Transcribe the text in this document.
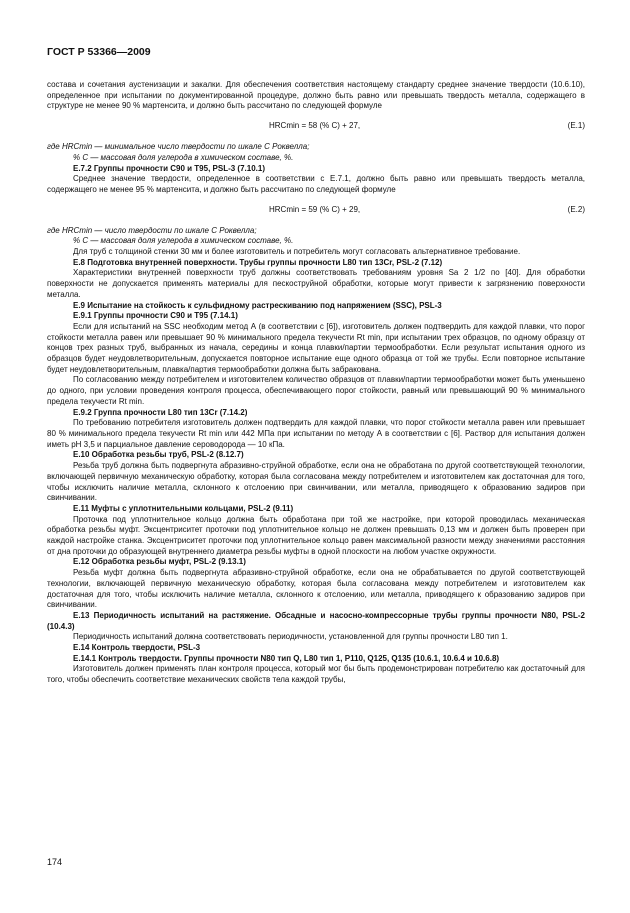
ГОСТ Р 53366—2009

состава и сочетания аустенизации и закалки. Для обеспечения соответствия настоящему стандарту среднее значение твердости (10.6.10), определенное при испытании по документированной процедуре, должно быть равно или превышать твердость металла, содержащего в структуре не менее 90 % мартенсита, и должно быть рассчитано по следующей формуле

HRCmin = 58 (% C) + 27,	(E.1)

где HRCmin — минимальное число твердости по шкале С Роквелла;

% С — массовая доля углерода в химическом составе, %.

Е.7.2 Группы прочности С90 и Т95, PSL-3 (7.10.1)

Среднее значение твердости, определенное в соответствии с Е.7.1, должно быть равно или превышать твердость металла, содержащего не менее 95 % мартенсита, и должно быть рассчитано по следующей формуле

HRCmin = 59 (% C) + 29,	(E.2)

где HRCmin — число твердости по шкале С Роквелла;

% С — массовая доля углерода в химическом составе, %.

Для труб с толщиной стенки 30 мм и более изготовитель и потребитель могут согласовать альтернативное требование.

Е.8 Подготовка внутренней поверхности. Трубы группы прочности L80 тип 13Cr, PSL-2 (7.12)

Характеристики внутренней поверхности труб должны соответствовать требованиям уровня Sa 2 1/2 по [40]. Для обработки поверхности не допускается применять материалы для пескоструйной обработки, которые могут привести к загрязнению поверхности металла.

Е.9 Испытание на стойкость к сульфидному растрескиванию под напряжением (SSC), PSL-3

Е.9.1 Группы прочности С90 и Т95 (7.14.1)

Если для испытаний на SSC необходим метод А (в соответствии с [6]), изготовитель должен подтвердить для каждой плавки, что порог стойкости металла равен или превышает 90 % минимального предела текучести Rt min, при испытании трех образцов, по одному образцу от концов трех разных труб, выбранных из начала, середины и конца плавки/партии термообработки. Если результат испытания одного из образцов будет неудовлетворительным, допускается повторное испытание еще одного образца от той же трубы. Если повторное испытание будет неудовлетворительным, плавка/партия термообработки должна быть забракована.

По согласованию между потребителем и изготовителем количество образцов от плавки/партии термообработки может быть уменьшено до одного, при условии проведения контроля процесса, обеспечивающего порог стойкости, равный или превышающий 90 % минимального предела текучести Rt min.

Е.9.2 Группа прочности L80 тип 13Cr (7.14.2)

По требованию потребителя изготовитель должен подтвердить для каждой плавки, что порог стойкости металла равен или превышает 80 % минимального предела текучести Rt min или 442 МПа при испытании по методу А в соответствии с [6]. Раствор для испытания должен иметь pH 3,5 и парциальное давление сероводорода — 10 кПа.

Е.10 Обработка резьбы труб, PSL-2 (8.12.7)

Резьба труб должна быть подвергнута абразивно-струйной обработке, если она не обработана по другой соответствующей технологии, включающей первичную механическую обработку, которая была согласована между потребителем и изготовителем как достаточная для того, чтобы исключить наличие металла, склонного к отслоению при свинчивании, или металла, приводящего к образованию задиров при свинчивании.

Е.11 Муфты с уплотнительными кольцами, PSL-2 (9.11)

Проточка под уплотнительное кольцо должна быть обработана при той же настройке, при которой проводилась механическая обработка резьбы муфт. Эксцентриситет проточки под уплотнительное кольцо не должен превышать 0,13 мм и должен быть проверен при каждой настройке станка. Эксцентриситет проточки под уплотнительное кольцо равен максимальной разности между значениями расстояния от дна проточки до образующей внутреннего диаметра резьбы муфты в одной плоскости на любом участке окружности.

Е.12 Обработка резьбы муфт, PSL-2 (9.13.1)

Резьба муфт должна быть подвергнута абразивно-струйной обработке, если она не обрабатывается по другой соответствующей технологии, включающей первичную механическую обработку, которая была согласована между потребителем и изготовителем как достаточная для того, чтобы исключить наличие металла, склонного к отслоению, или металла, приводящего к образованию задиров при свинчивании.

Е.13 Периодичность испытаний на растяжение. Обсадные и насосно-компрессорные трубы группы прочности N80, PSL-2 (10.4.3)

Периодичность испытаний должна соответствовать периодичности, установленной для группы прочности L80 тип 1.

Е.14 Контроль твердости, PSL-3

Е.14.1 Контроль твердости. Группы прочности N80 тип Q, L80 тип 1, P110, Q125, Q135 (10.6.1, 10.6.4 и 10.6.8)

Изготовитель должен применять план контроля процесса, который мог бы быть продемонстрирован потребителю как достаточный для того, чтобы обеспечить соответствие механических свойств тела каждой трубы,

174
